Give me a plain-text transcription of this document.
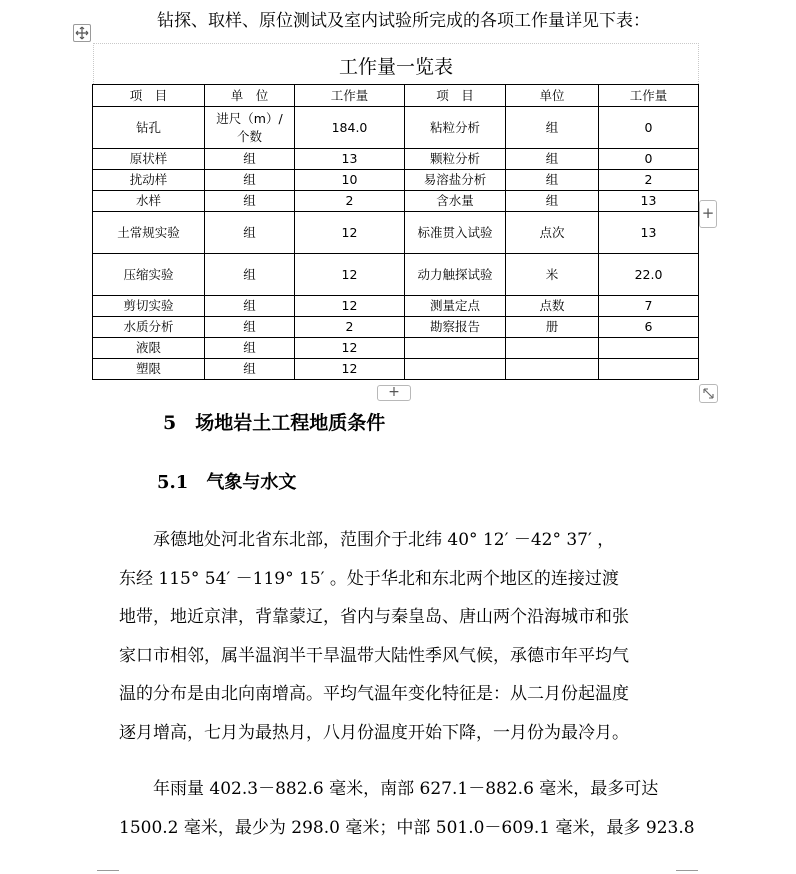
钻探、取样、原位测试及室内试验所完成的各项工作量详见下表：
工作量一览表
项　目	单　位	工作量	项　目	单位	工作量
钻孔	进尺（m）/个数	184.0	粘粒分析	组	0
原状样	组	13	颗粒分析	组	0
扰动样	组	10	易溶盐分析	组	2
水样	组	2	含水量	组	13
土常规实验	组	12	标准贯入试验	点次	13
压缩实验	组	12	动力触探试验	米	22.0
剪切实验	组	12	测量定点	点数	7
水质分析	组	2	勘察报告	册	6
液限	组	12			
塑限	组	12			
+
+
5　场地岩土工程地质条件
5.1　气象与水文
　　承德地处河北省东北部，范围介于北纬 40° 12′ －42° 37′ ，
东经 115° 54′ －119° 15′ 。处于华北和东北两个地区的连接过渡
地带，地近京津，背靠蒙辽，省内与秦皇岛、唐山两个沿海城市和张
家口市相邻，属半温润半干旱温带大陆性季风气候，承德市年平均气
温的分布是由北向南增高。平均气温年变化特征是：从二月份起温度
逐月增高，七月为最热月，八月份温度开始下降，一月份为最冷月。
　　年雨量 402.3－882.6 毫米，南部 627.1－882.6 毫米，最多可达
1500.2 毫米，最少为 298.0 毫米；中部 501.0－609.1 毫米，最多 923.8
